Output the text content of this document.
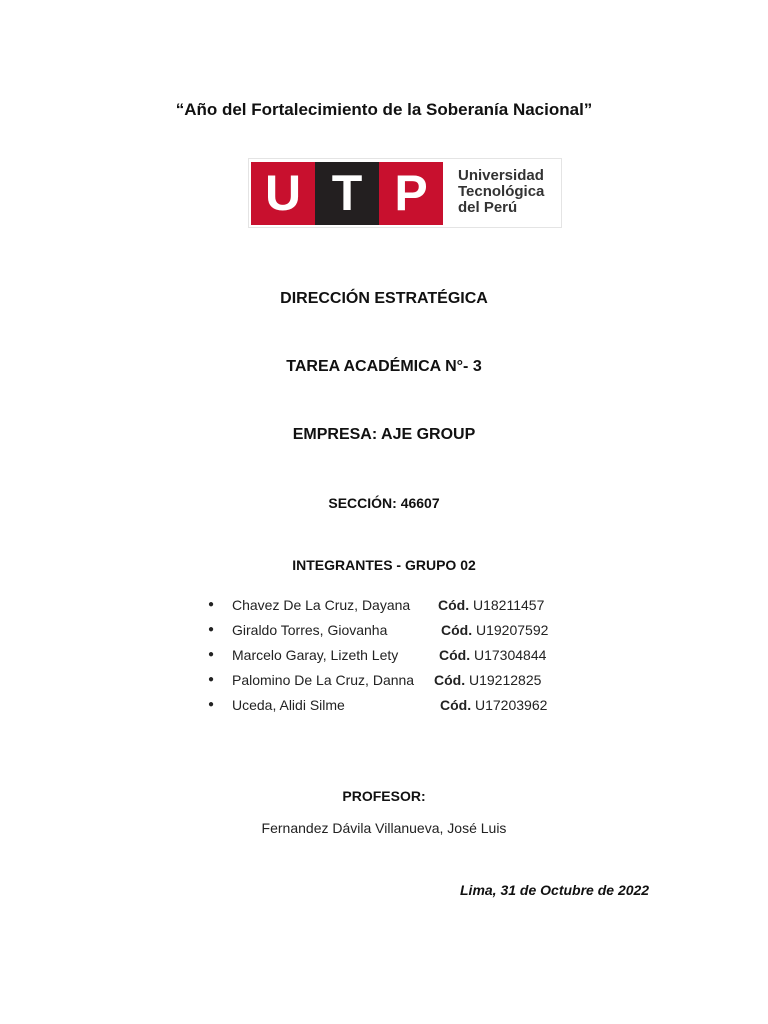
“Año del Fortalecimiento de la Soberanía Nacional”
U T P	Universidad
Tecnológica
del Perú
DIRECCIÓN ESTRATÉGICA
TAREA ACADÉMICA N°- 3
EMPRESA: AJE GROUP
SECCIÓN: 46607
INTEGRANTES - GRUPO 02
● Chavez De La Cruz, Dayana Cód. U18211457
● Giraldo Torres, Giovanha	Cód. U19207592
● Marcelo Garay, Lizeth Lety	Cód. U17304844
● Palomino De La Cruz, Danna Cód. U19212825
● Uceda, Alidi Silme	Cód. U17203962
PROFESOR:
Fernandez Dávila Villanueva, José Luis
Lima, 31 de Octubre de 2022
